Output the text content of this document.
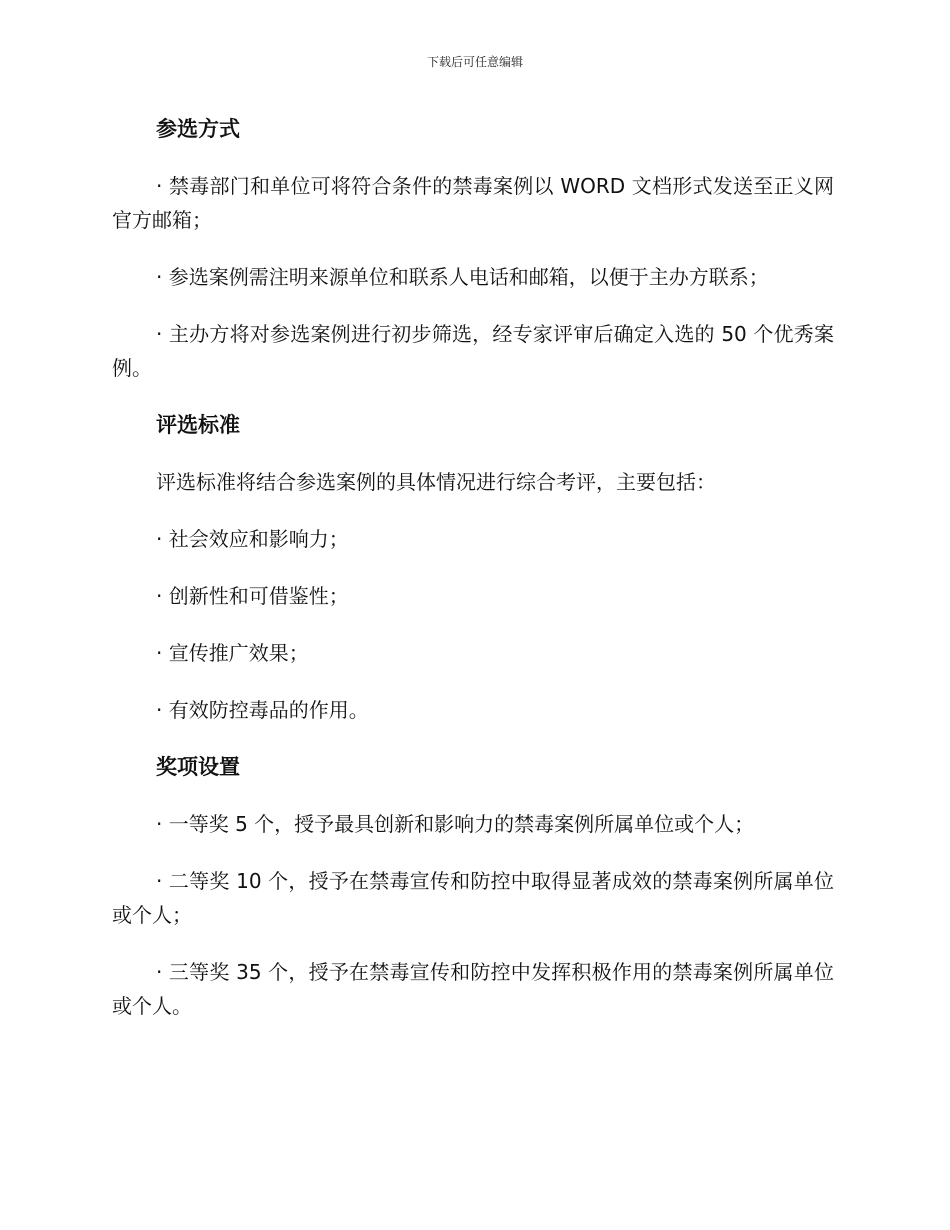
下载后可任意编辑
参选方式

· 禁毒部门和单位可将符合条件的禁毒案例以 WORD 文档形式发送至正义网官方邮箱；

· 参选案例需注明来源单位和联系人电话和邮箱，以便于主办方联系；

· 主办方将对参选案例进行初步筛选，经专家评审后确定入选的 50 个优秀案例。

评选标准

评选标准将结合参选案例的具体情况进行综合考评，主要包括：

· 社会效应和影响力；

· 创新性和可借鉴性；

· 宣传推广效果；

· 有效防控毒品的作用。

奖项设置

· 一等奖 5 个，授予最具创新和影响力的禁毒案例所属单位或个人；

· 二等奖 10 个，授予在禁毒宣传和防控中取得显著成效的禁毒案例所属单位或个人；

· 三等奖 35 个，授予在禁毒宣传和防控中发挥积极作用的禁毒案例所属单位或个人。
